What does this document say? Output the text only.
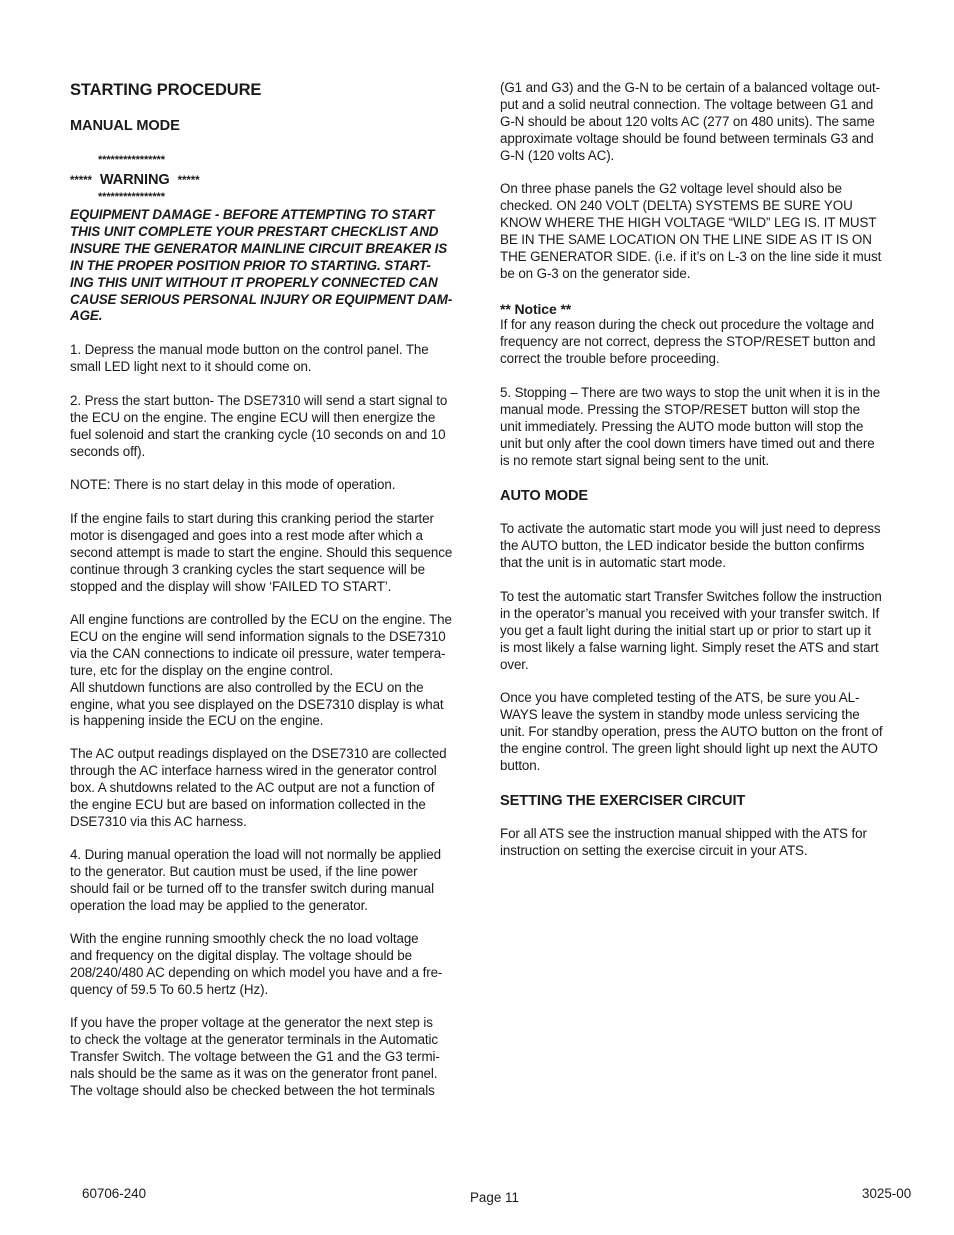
STARTING PROCEDURE
MANUAL MODE
****************
***** WARNING *****
****************
EQUIPMENT DAMAGE - BEFORE ATTEMPTING TO START
THIS UNIT COMPLETE YOUR PRESTART CHECKLIST AND
INSURE THE GENERATOR MAINLINE CIRCUIT BREAKER IS
IN THE PROPER POSITION PRIOR TO STARTING. START-
ING THIS UNIT WITHOUT IT PROPERLY CONNECTED CAN
CAUSE SERIOUS PERSONAL INJURY OR EQUIPMENT DAM-
AGE.
1. Depress the manual mode button on the control panel. The
small LED light next to it should come on.
2. Press the start button- The DSE7310 will send a start signal to
the ECU on the engine. The engine ECU will then energize the
fuel solenoid and start the cranking cycle (10 seconds on and 10
seconds off).
NOTE: There is no start delay in this mode of operation.
If the engine fails to start during this cranking period the starter
motor is disengaged and goes into a rest mode after which a
second attempt is made to start the engine. Should this sequence
continue through 3 cranking cycles the start sequence will be
stopped and the display will show ‘FAILED TO START’.
All engine functions are controlled by the ECU on the engine. The
ECU on the engine will send information signals to the DSE7310
via the CAN connections to indicate oil pressure, water tempera-
ture, etc for the display on the engine control.
All shutdown functions are also controlled by the ECU on the
engine, what you see displayed on the DSE7310 display is what
is happening inside the ECU on the engine.
The AC output readings displayed on the DSE7310 are collected
through the AC interface harness wired in the generator control
box. A shutdowns related to the AC output are not a function of
the engine ECU but are based on information collected in the
DSE7310 via this AC harness.
4. During manual operation the load will not normally be applied
to the generator. But caution must be used, if the line power
should fail or be turned off to the transfer switch during manual
operation the load may be applied to the generator.
With the engine running smoothly check the no load voltage
and frequency on the digital display. The voltage should be
208/240/480 AC depending on which model you have and a fre-
quency of 59.5 To 60.5 hertz (Hz).
If you have the proper voltage at the generator the next step is
to check the voltage at the generator terminals in the Automatic
Transfer Switch. The voltage between the G1 and the G3 termi-
nals should be the same as it was on the generator front panel.
The voltage should also be checked between the hot terminals
(G1 and G3) and the G-N to be certain of a balanced voltage out-
put and a solid neutral connection. The voltage between G1 and
G-N should be about 120 volts AC (277 on 480 units). The same
approximate voltage should be found between terminals G3 and
G-N (120 volts AC).
On three phase panels the G2 voltage level should also be
checked. ON 240 VOLT (DELTA) SYSTEMS BE SURE YOU
KNOW WHERE THE HIGH VOLTAGE “WILD” LEG IS. IT MUST
BE IN THE SAME LOCATION ON THE LINE SIDE AS IT IS ON
THE GENERATOR SIDE. (i.e. if it’s on L-3 on the line side it must
be on G-3 on the generator side.
** Notice **
If for any reason during the check out procedure the voltage and
frequency are not correct, depress the STOP/RESET button and
correct the trouble before proceeding.
5. Stopping – There are two ways to stop the unit when it is in the
manual mode. Pressing the STOP/RESET button will stop the
unit immediately. Pressing the AUTO mode button will stop the
unit but only after the cool down timers have timed out and there
is no remote start signal being sent to the unit.
AUTO MODE
To activate the automatic start mode you will just need to depress
the AUTO button, the LED indicator beside the button confirms
that the unit is in automatic start mode.
To test the automatic start Transfer Switches follow the instruction
in the operator’s manual you received with your transfer switch. If
you get a fault light during the initial start up or prior to start up it
is most likely a false warning light. Simply reset the ATS and start
over.
Once you have completed testing of the ATS, be sure you AL-
WAYS leave the system in standby mode unless servicing the
unit. For standby operation, press the AUTO button on the front of
the engine control. The green light should light up next the AUTO
button.
SETTING THE EXERCISER CIRCUIT
For all ATS see the instruction manual shipped with the ATS for
instruction on setting the exercise circuit in your ATS.
60706-240	Page 11	3025-00
